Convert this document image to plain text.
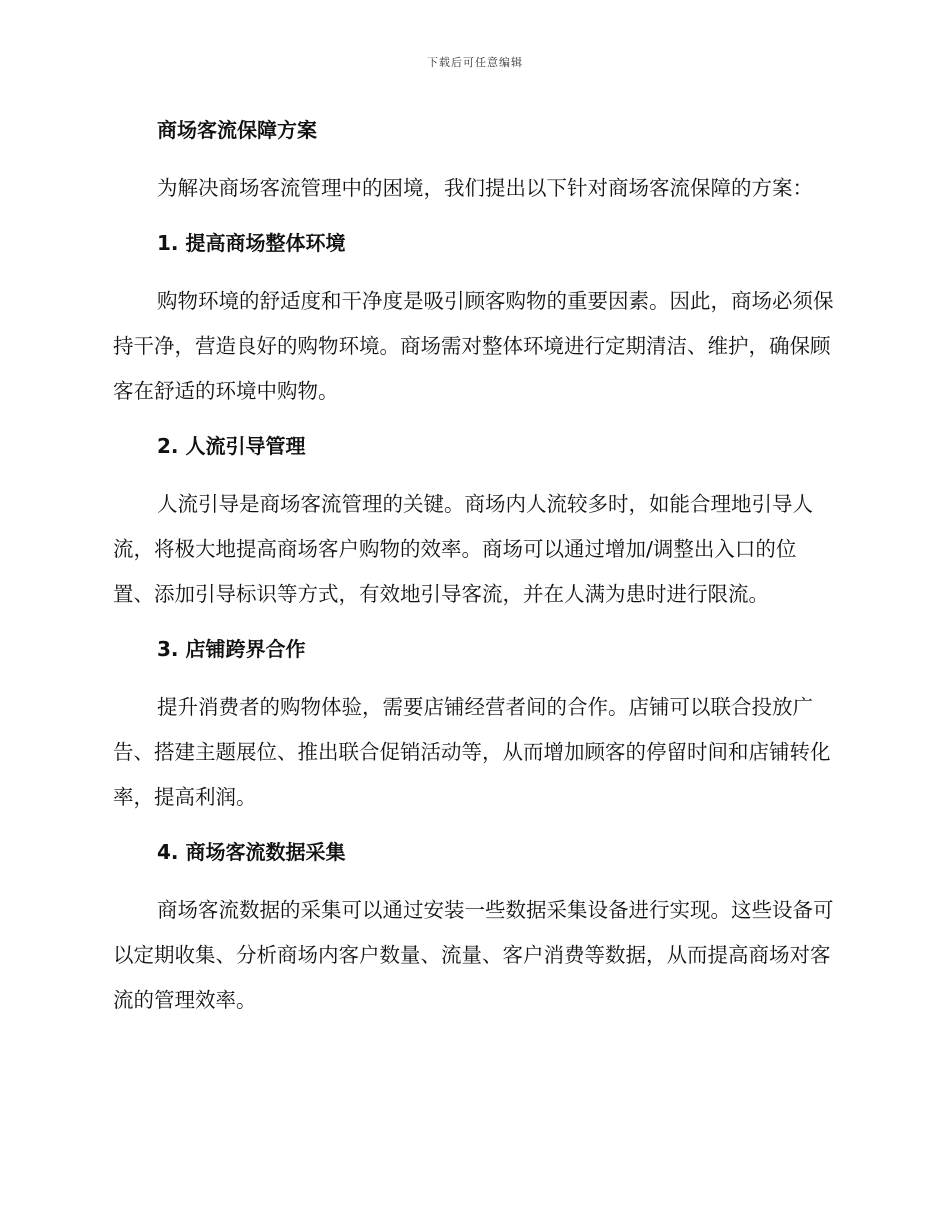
下载后可任意编辑
商场客流保障方案

为解决商场客流管理中的困境，我们提出以下针对商场客流保障的方案：

1. 提高商场整体环境

购物环境的舒适度和干净度是吸引顾客购物的重要因素。因此，商场必须保持干净，营造良好的购物环境。商场需对整体环境进行定期清洁、维护，确保顾客在舒适的环境中购物。

2. 人流引导管理

人流引导是商场客流管理的关键。商场内人流较多时，如能合理地引导人流，将极大地提高商场客户购物的效率。商场可以通过增加/调整出入口的位置、添加引导标识等方式，有效地引导客流，并在人满为患时进行限流。

3. 店铺跨界合作

提升消费者的购物体验，需要店铺经营者间的合作。店铺可以联合投放广告、搭建主题展位、推出联合促销活动等，从而增加顾客的停留时间和店铺转化率，提高利润。

4. 商场客流数据采集

商场客流数据的采集可以通过安装一些数据采集设备进行实现。这些设备可以定期收集、分析商场内客户数量、流量、客户消费等数据，从而提高商场对客流的管理效率。
